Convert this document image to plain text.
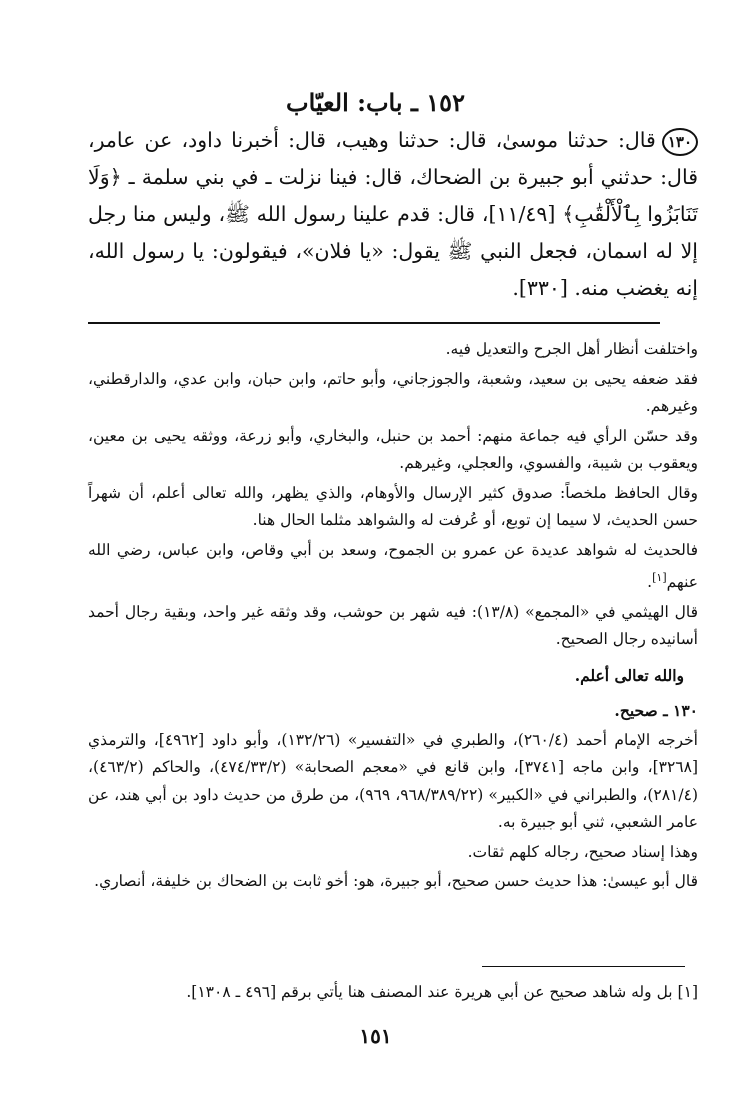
١٥٢ ـ باب: العيّاب

١٣٠قال: حدثنا موسىٰ، قال: حدثنا وهيب، قال: أخبرنا داود، عن عامر، قال: حدثني أبو جبيرة بن الضحاك، قال: فينا نزلت ـ في بني سلمة ـ ﴿وَلَا تَنَابَزُوا بِٱلْأَلْقَٰبِ﴾ [١١/٤٩]، قال: قدم علينا رسول الله ﷺ، وليس منا رجل إلا له اسمان، فجعل النبي ﷺ يقول: «يا فلان»، فيقولون: يا رسول الله، إنه يغضب منه. [٣٣٠].

واختلفت أنظار أهل الجرح والتعديل فيه.

فقد ضعفه يحيى بن سعيد، وشعبة، والجوزجاني، وأبو حاتم، وابن حبان، وابن عدي، والدارقطني، وغيرهم.

وقد حسّن الرأي فيه جماعة منهم: أحمد بن حنبل، والبخاري، وأبو زرعة، ووثقه يحيى بن معين، ويعقوب بن شيبة، والفسوي، والعجلي، وغيرهم.

وقال الحافظ ملخصاً: صدوق كثير الإرسال والأوهام، والذي يظهر، والله تعالى أعلم، أن شهراً حسن الحديث، لا سيما إن توبع، أو عُرفت له والشواهد مثلما الحال هنا.

فالحديث له شواهد عديدة عن عمرو بن الجموح، وسعد بن أبي وقاص، وابن عباس، رضي الله عنهم[١].

قال الهيثمي في «المجمع» (١٣/٨): فيه شهر بن حوشب، وقد وثقه غير واحد، وبقية رجال أحمد أسانيده رجال الصحيح.

والله تعالى أعلم.

١٣٠ ـ صحيح.

أخرجه الإمام أحمد (٢٦٠/٤)، والطبري في «التفسير» (١٣٢/٢٦)، وأبو داود [٤٩٦٢]، والترمذي [٣٢٦٨]، وابن ماجه [٣٧٤١]، وابن قانع في «معجم الصحابة» (٤٧٤/٣٣/٢)، والحاكم (٤٦٣/٢)، (٢٨١/٤)، والطبراني في «الكبير» (٩٦٨/٣٨٩/٢٢، ٩٦٩)، من طرق من حديث داود بن أبي هند، عن عامر الشعبي، ثني أبو جبيرة به.

وهذا إسناد صحيح، رجاله كلهم ثقات.

قال أبو عيسىٰ: هذا حديث حسن صحيح، أبو جبيرة، هو: أخو ثابت بن الضحاك بن خليفة، أنصاري.

[١] بل وله شاهد صحيح عن أبي هريرة عند المصنف هنا يأتي برقم [٤٩٦ ـ ١٣٠٨].
١٥١
